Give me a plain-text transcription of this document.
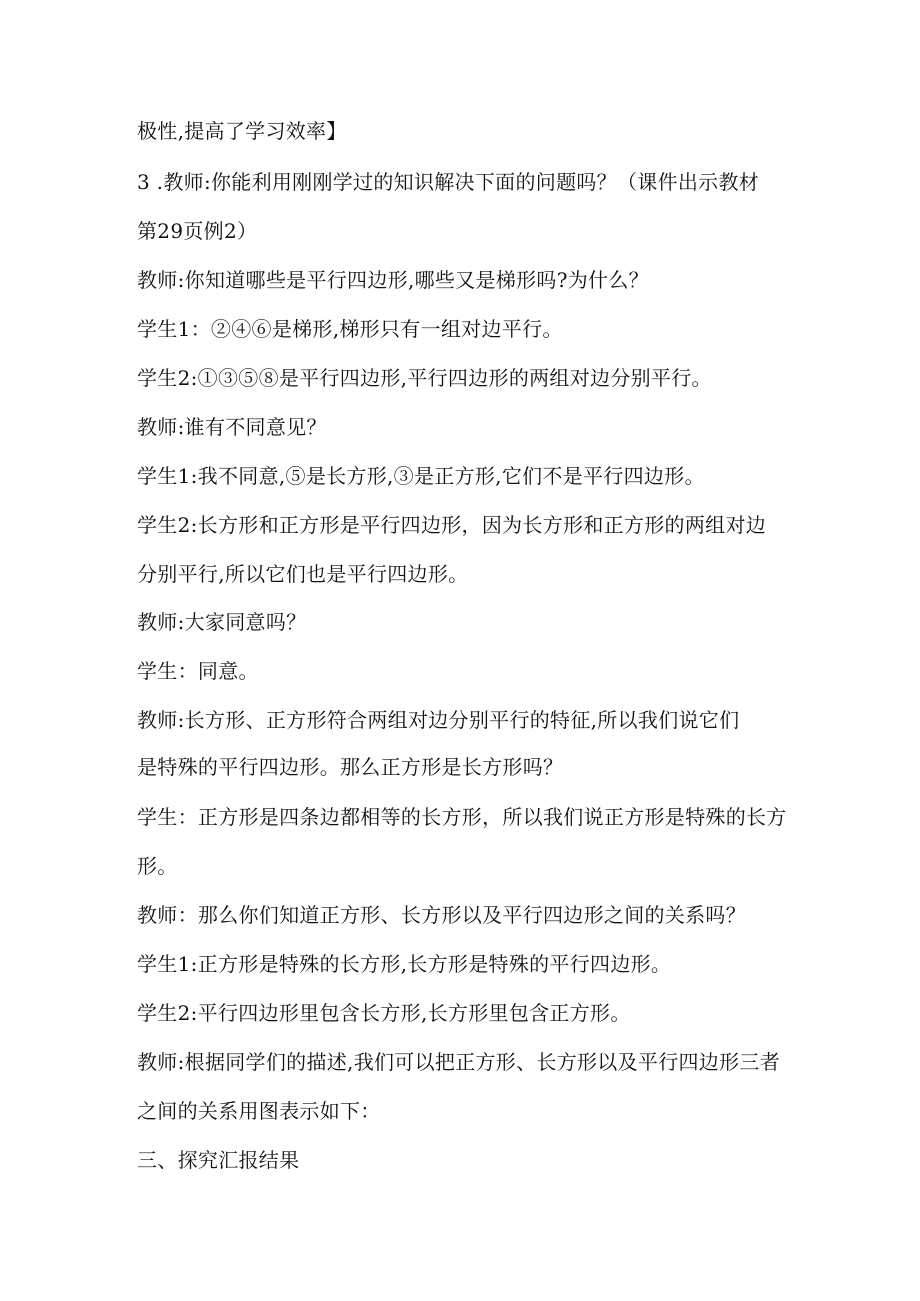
极性,提高了学习效率】
3 .教师:你能利用刚刚学过的知识解决下面的问题吗？（课件出示教材
第29页例2）
教师:你知道哪些是平行四边形,哪些又是梯形吗?为什么？
学生1：②④⑥是梯形,梯形只有一组对边平行。
学生2:①③⑤⑧是平行四边形,平行四边形的两组对边分别平行。
教师:谁有不同意见？
学生1:我不同意,⑤是长方形,③是正方形,它们不是平行四边形。
学生2:长方形和正方形是平行四边形，因为长方形和正方形的两组对边
分别平行,所以它们也是平行四边形。
教师:大家同意吗？
学生：同意。
教师:长方形、正方形符合两组对边分别平行的特征,所以我们说它们
是特殊的平行四边形。那么正方形是长方形吗？
学生：正方形是四条边都相等的长方形，所以我们说正方形是特殊的长方
形。
教师：那么你们知道正方形、长方形以及平行四边形之间的关系吗？
学生1:正方形是特殊的长方形,长方形是特殊的平行四边形。
学生2:平行四边形里包含长方形,长方形里包含正方形。
教师:根据同学们的描述,我们可以把正方形、长方形以及平行四边形三者
之间的关系用图表示如下：
三、探究汇报结果
